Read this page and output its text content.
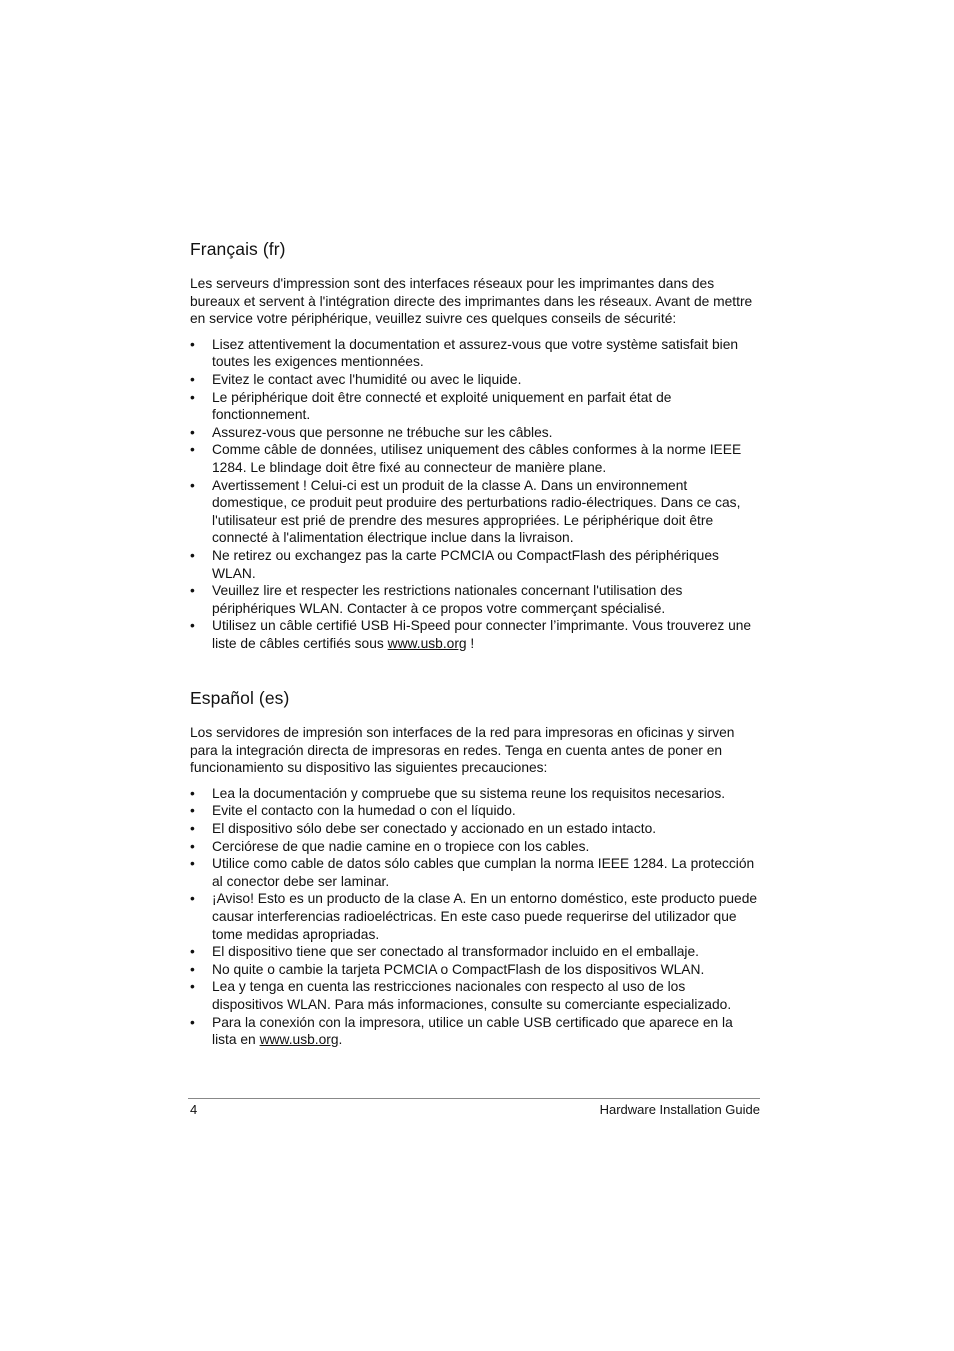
Français (fr)

Les serveurs d'impression sont des interfaces réseaux pour les imprimantes dans des bureaux et servent à l'intégration directe des imprimantes dans les réseaux. Avant de mettre en service votre périphérique, veuillez suivre ces quelques conseils de sécurité:

• Lisez attentivement la documentation et assurez-vous que votre système satisfait bien toutes les exigences mentionnées.
• Evitez le contact avec l'humidité ou avec le liquide.
• Le périphérique doit être connecté et exploité uniquement en parfait état de fonctionnement.
• Assurez-vous que personne ne trébuche sur les câbles.
• Comme câble de données, utilisez uniquement des câbles conformes à la norme IEEE 1284. Le blindage doit être fixé au connecteur de manière plane.
• Avertissement ! Celui-ci est un produit de la classe A. Dans un environnement domestique, ce produit peut produire des perturbations radio-électriques. Dans ce cas, l'utilisateur est prié de prendre des mesures appropriées. Le périphérique doit être connecté à l'alimentation électrique inclue dans la livraison.
• Ne retirez ou exchangez pas la carte PCMCIA ou CompactFlash des périphériques WLAN.
• Veuillez lire et respecter les restrictions nationales concernant l'utilisation des périphériques WLAN. Contacter à ce propos votre commerçant spécialisé.
• Utilisez un câble certifié USB Hi-Speed pour connecter l’imprimante. Vous trouverez une liste de câbles certifiés sous www.usb.org !
Español (es)

Los servidores de impresión son interfaces de la red para impresoras en oficinas y sirven para la integración directa de impresoras en redes. Tenga en cuenta antes de poner en funcionamiento su dispositivo las siguientes precauciones:

• Lea la documentación y compruebe que su sistema reune los requisitos necesarios.
• Evite el contacto con la humedad o con el líquido.
• El dispositivo sólo debe ser conectado y accionado en un estado intacto.
• Cerciórese de que nadie camine en o tropiece con los cables.
• Utilice como cable de datos sólo cables que cumplan la norma IEEE 1284. La protección al conector debe ser laminar.
• ¡Aviso! Esto es un producto de la clase A. En un entorno doméstico, este producto puede causar interferencias radioeléctricas. En este caso puede requerirse del utilizador que tome medidas apropriadas.
• El dispositivo tiene que ser conectado al transformador incluido en el emballaje.
• No quite o cambie la tarjeta PCMCIA o CompactFlash de los dispositivos WLAN.
• Lea y tenga en cuenta las restricciones nacionales con respecto al uso de los dispositivos WLAN. Para más informaciones, consulte su comerciante especializado.
• Para la conexión con la impresora, utilice un cable USB certificado que aparece en la lista en www.usb.org.
4	Hardware Installation Guide
